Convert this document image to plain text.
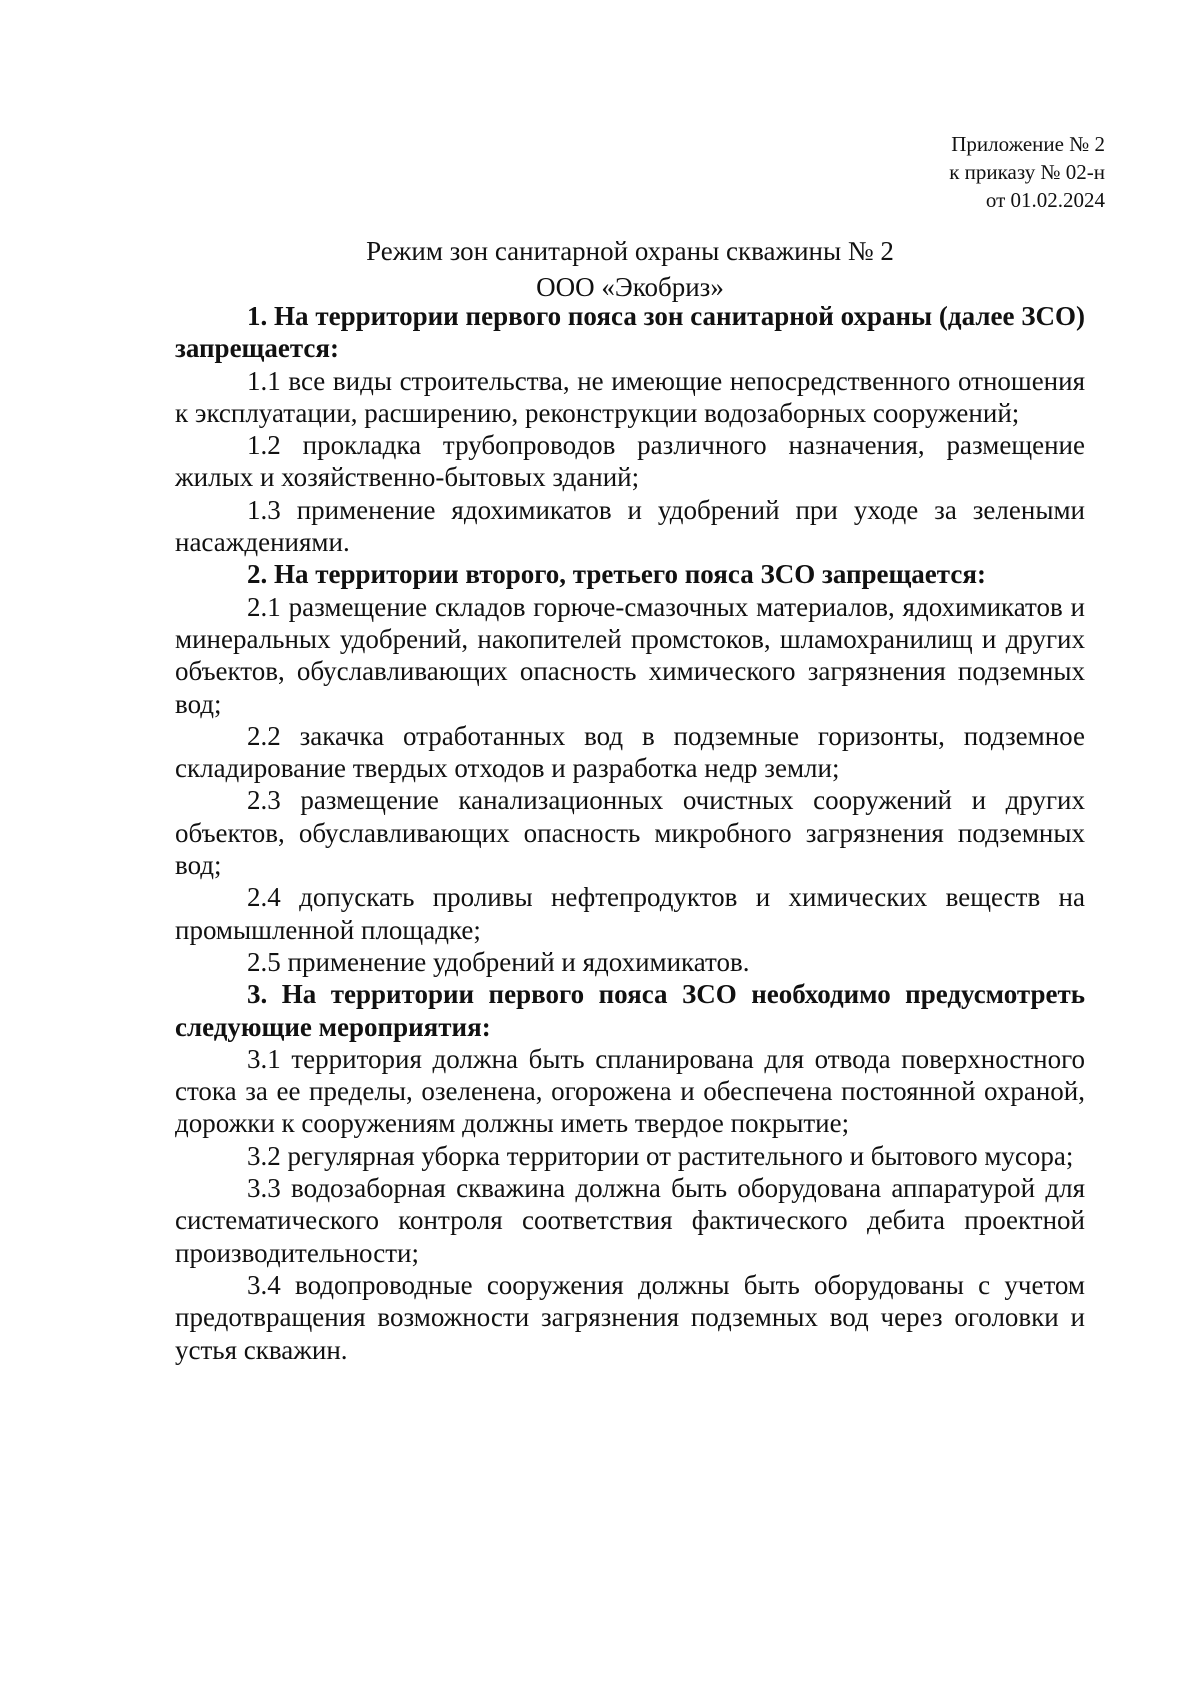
Приложение № 2
к приказу № 02-н
от 01.02.2024
Режим зон санитарной охраны скважины № 2
ООО «Экобриз»

1. На территории первого пояса зон санитарной охраны (далее ЗСО) запрещается:

1.1 все виды строительства, не имеющие непосредственного отношения к эксплуатации, расширению, реконструкции водозаборных сооружений;

1.2 прокладка трубопроводов различного назначения, размещение жилых и хозяйственно-бытовых зданий;

1.3 применение ядохимикатов и удобрений при уходе за зелеными насаждениями.

2. На территории второго, третьего пояса ЗСО запрещается:

2.1 размещение складов горюче-смазочных материалов, ядохимикатов и минеральных удобрений, накопителей промстоков, шламохранилищ и других объектов, обуславливающих опасность химического загрязнения подземных вод;

2.2 закачка отработанных вод в подземные горизонты, подземное складирование твердых отходов и разработка недр земли;

2.3 размещение канализационных очистных сооружений и других объектов, обуславливающих опасность микробного загрязнения подземных вод;

2.4 допускать проливы нефтепродуктов и химических веществ на промышленной площадке;

2.5 применение удобрений и ядохимикатов.

3. На территории первого пояса ЗСО необходимо предусмотреть следующие мероприятия:

3.1 территория должна быть спланирована для отвода поверхностного стока за ее пределы, озеленена, огорожена и обеспечена постоянной охраной, дорожки к сооружениям должны иметь твердое покрытие;

3.2 регулярная уборка территории от растительного и бытового мусора;

3.3 водозаборная скважина должна быть оборудована аппаратурой для систематического контроля соответствия фактического дебита проектной производительности;

3.4 водопроводные сооружения должны быть оборудованы с учетом предотвращения возможности загрязнения подземных вод через оголовки и устья скважин.
